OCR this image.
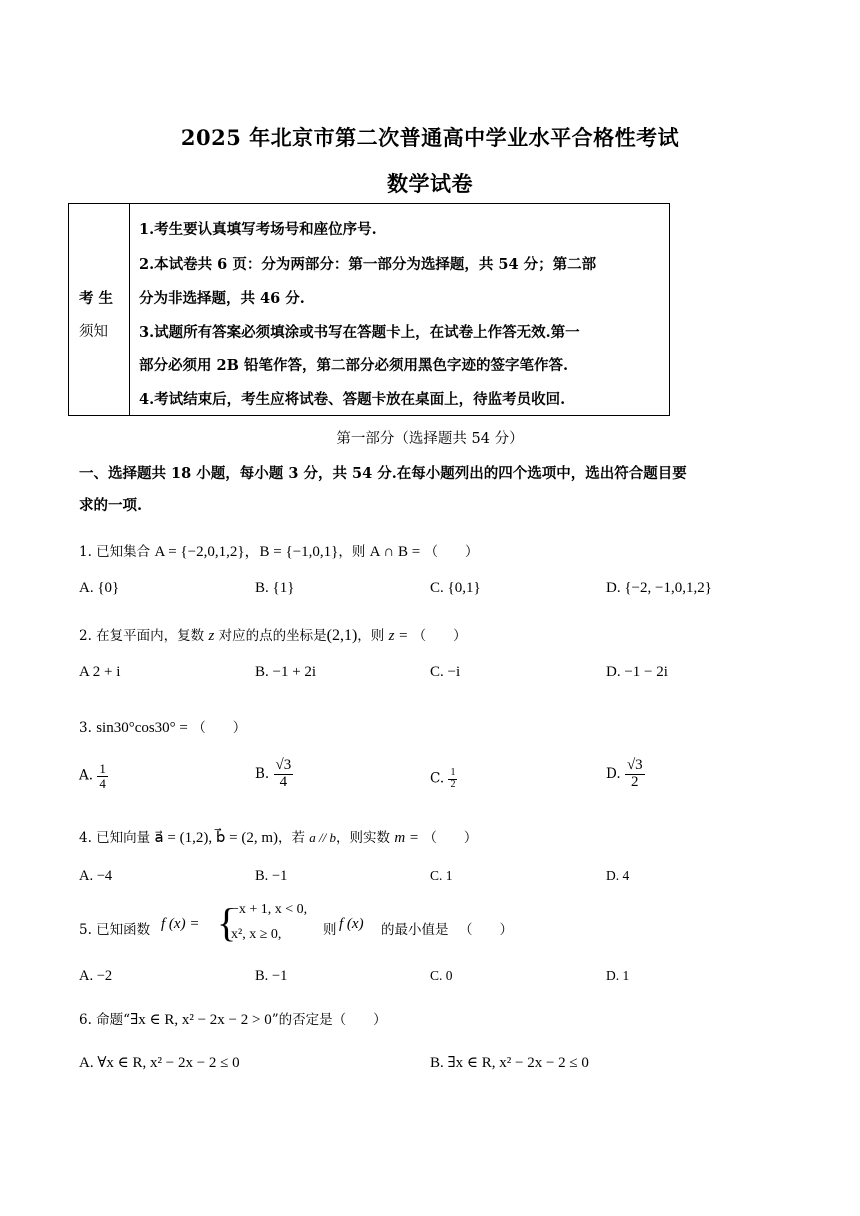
2025 年北京市第二次普通高中学业水平合格性考试
数学试卷
考 生
须知
1.考生要认真填写考场号和座位序号.
2.本试卷共 6 页：分为两部分：第一部分为选择题，共 54 分；第二部
分为非选择题，共 46 分.
3.试题所有答案必须填涂或书写在答题卡上，在试卷上作答无效.第一
部分必须用 2B 铅笔作答，第二部分必须用黑色字迹的签字笔作答.
4.考试结束后，考生应将试卷、答题卡放在桌面上，待监考员收回.
第一部分（选择题共 54 分）
一、选择题共 18 小题，每小题 3 分，共 54 分.在每小题列出的四个选项中，选出符合题目要
求的一项.
1. 已知集合 A = {−2,0,1,2}，B = {−1,0,1}，则 A ∩ B = （　　）
A. {0}	B. {1}	C. {0,1}	D. {−2, −1,0,1,2}
2. 在复平面内，复数 z 对应的点的坐标是(2,1)，则 z = （　　）
A 2 + i	B. −1 + 2i	C. −i	D. −1 − 2i
3. sin30°cos30° = （　　）
A. $\frac{1}{4}$	B. $\frac{√3}{4}$	C. $\frac{1}{2}$	D. $\frac{√3}{2}$
4. 已知向量 a⃗ = (1,2), b⃗ = (2, m)，若 a // b，则实数 m = （　　）
A. −4	B. −1	C. 1	D. 4
5. 已知函数 f (x) = {
−x + 1, x < 0,
x², x ≥ 0,	则 f (x) 的最小值是 （　　）
A. −2	B. −1	C. 0	D. 1
6. 命题“∃x ∈ R, x² − 2x − 2 > 0”的否定是（　　）
A. ∀x ∈ R, x² − 2x − 2 ≤ 0	B. ∃x ∈ R, x² − 2x − 2 ≤ 0
